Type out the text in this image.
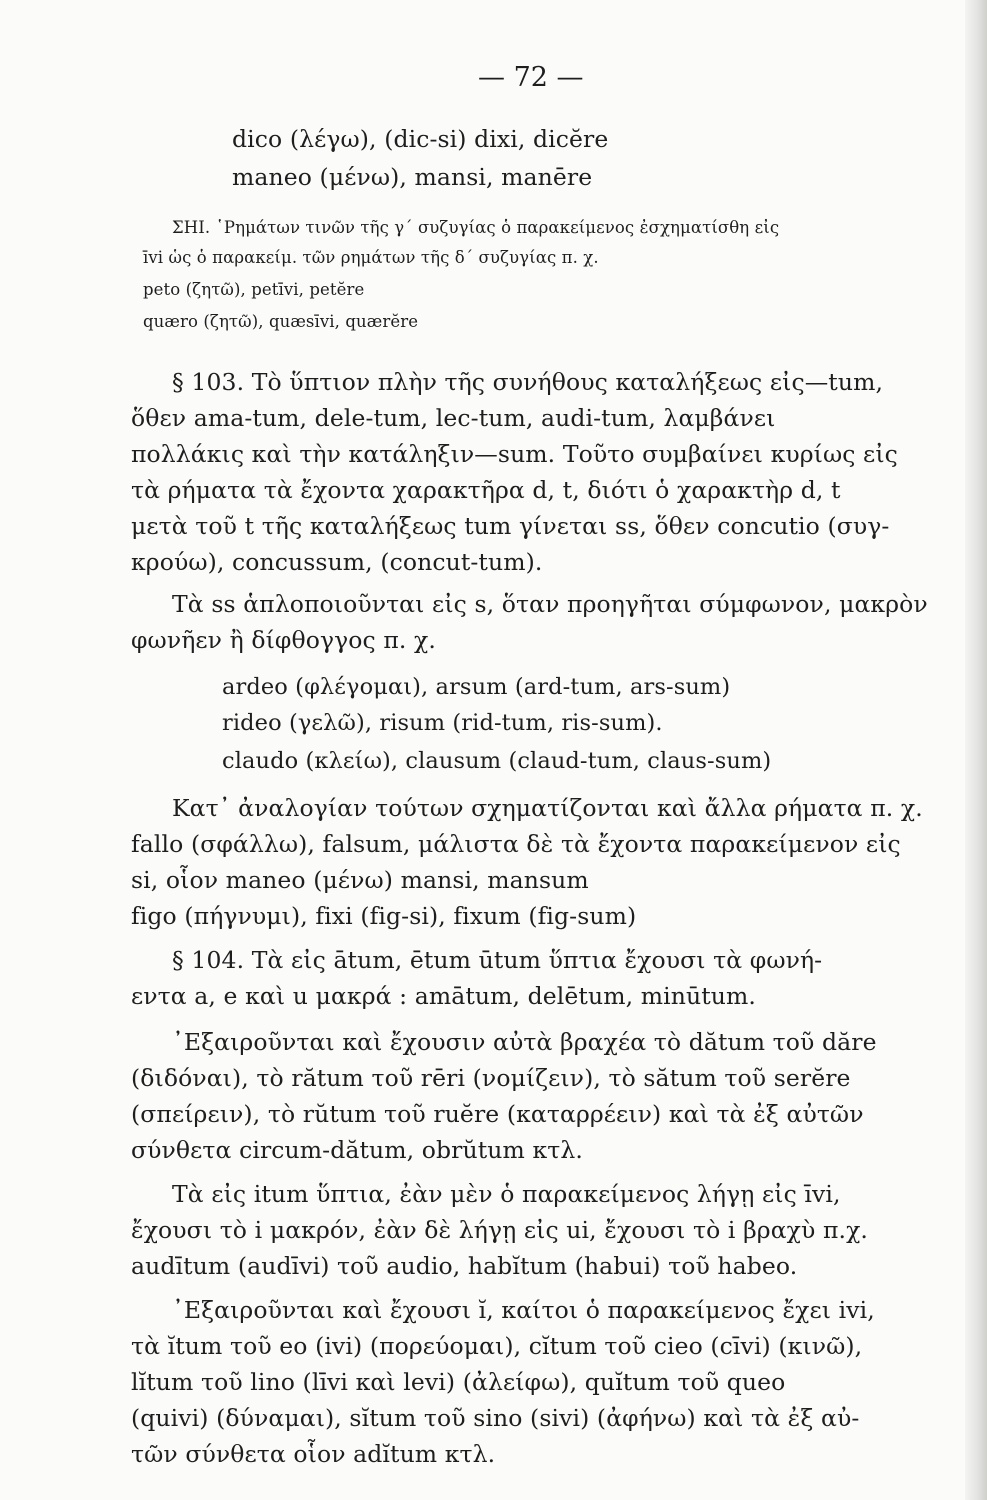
— 72 —
dico (λέγω), (dic-si) dixi, dicĕre
maneo (μένω), mansi, manēre
ΣΗΙ. ῾Ρημάτων τινῶν τῆς γ΄ συζυγίας ὁ παρακείμενος ἐσχηματίσθη εἰς
īvi ὡς ὁ παρακείμ. τῶν ρημάτων τῆς δ΄ συζυγίας π. χ.
peto (ζητῶ), petīvi, petĕre
quæro (ζητῶ), quæsīvi, quærĕre
§ 103. Τὸ ὕπτιον πλὴν τῆς συνήθους καταλήξεως εἰς—tum,
ὅθεν ama-tum, dele-tum, lec-tum, audi-tum, λαμβάνει
πολλάκις καὶ τὴν κατάληξιν—sum. Τοῦτο συμβαίνει κυρίως εἰς
τὰ ρήματα τὰ ἔχοντα χαρακτῆρα d, t, διότι ὁ χαρακτὴρ d, t
μετὰ τοῦ t τῆς καταλήξεως tum γίνεται ss, ὅθεν concutio (συγ-
κρούω), concussum, (concut-tum).
Τὰ ss ἁπλοποιοῦνται εἰς s, ὅταν προηγῆται σύμφωνον, μακρὸν
φωνῆεν ἢ δίφθογγος π. χ.
ardeo (φλέγομαι), arsum (ard-tum, ars-sum)
rideo (γελῶ), risum (rid-tum, ris-sum).
claudo (κλείω), clausum (claud-tum, claus-sum)
Κατ᾿ ἀναλογίαν τούτων σχηματίζονται καὶ ἄλλα ρήματα π. χ.
fallo (σφάλλω), falsum, μάλιστα δὲ τὰ ἔχοντα παρακείμενον εἰς
si, οἷον maneo (μένω) mansi, mansum
figo (πήγνυμι), fixi (fig-si), fixum (fig-sum)
§ 104. Τὰ εἰς ātum, ētum ūtum ὕπτια ἔχουσι τὰ φωνή-
εντα a, e καὶ u μακρά : amātum, delētum, minūtum.
᾿Εξαιροῦνται καὶ ἔχουσιν αὐτὰ βραχέα τὸ dătum τοῦ dăre
(διδόναι), τὸ rătum τοῦ rēri (νομίζειν), τὸ sătum τοῦ serĕre
(σπείρειν), τὸ rŭtum τοῦ ruĕre (καταρρέειν) καὶ τὰ ἐξ αὐτῶν
σύνθετα circum-dătum, obrŭtum κτλ.
Τὰ εἰς itum ὕπτια, ἐὰν μὲν ὁ παρακείμενος λήγῃ εἰς īvi,
ἔχουσι τὸ i μακρόν, ἐὰν δὲ λήγῃ εἰς ui, ἔχουσι τὸ i βραχὺ π.χ.
audītum (audīvi) τοῦ audio, habĭtum (habui) τοῦ habeo.
᾿Εξαιροῦνται καὶ ἔχουσι ĭ, καίτοι ὁ παρακείμενος ἔχει ivi,
τὰ ĭtum τοῦ eo (ivi) (πορεύομαι), cĭtum τοῦ cieo (cīvi) (κινῶ),
lĭtum τοῦ lino (līvi καὶ levi) (ἀλείφω), quĭtum τοῦ queo
(quivi) (δύναμαι), sĭtum τοῦ sino (sivi) (ἀφήνω) καὶ τὰ ἐξ αὐ-
τῶν σύνθετα οἷον adĭtum κτλ.
